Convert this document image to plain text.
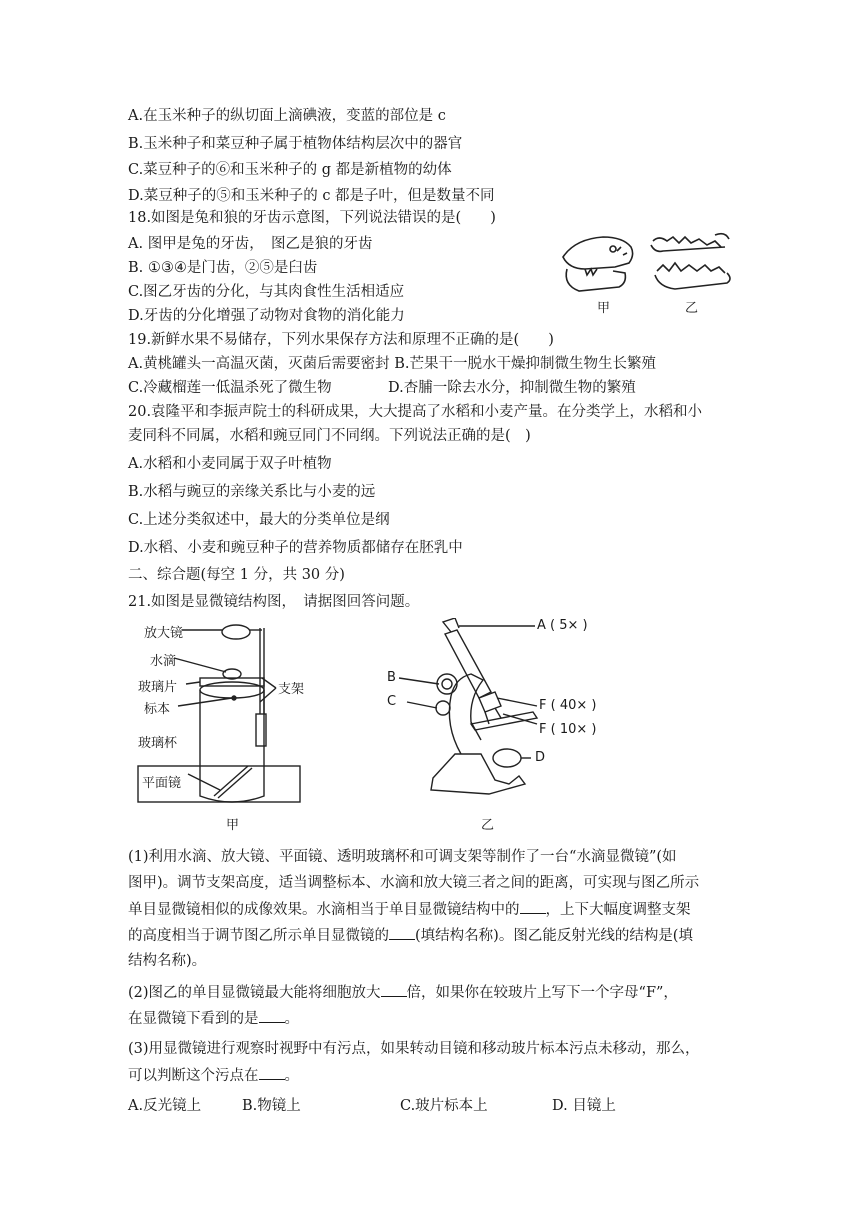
A.在玉米种子的纵切面上滴碘液，变蓝的部位是 c
B.玉米种子和菜豆种子属于植物体结构层次中的器官
C.菜豆种子的⑥和玉米种子的 g 都是新植物的幼体
D.菜豆种子的⑤和玉米种子的 c 都是子叶，但是数量不同
18.如图是兔和狼的牙齿示意图，下列说法错误的是(　　)
A. 图甲是兔的牙齿，　图乙是狼的牙齿
B. ①③④是门齿，②⑤是臼齿
C.图乙牙齿的分化，与其肉食性生活相适应
D.牙齿的分化增强了动物对食物的消化能力	甲	乙
19.新鲜水果不易储存，下列水果保存方法和原理不正确的是(　　)
A.黄桃罐头一高温灭菌，灭菌后需要密封 B.芒果干一脱水干燥抑制微生物生长繁殖
C.冷藏榴莲一低温杀死了微生物	D.杏脯一除去水分，抑制微生物的繁殖
20.袁隆平和李振声院士的科研成果，大大提高了水稻和小麦产量。在分类学上，水稻和小
麦同科不同属，水稻和豌豆同门不同纲。下列说法正确的是(　)
A.水稻和小麦同属于双子叶植物
B.水稻与豌豆的亲缘关系比与小麦的远
C.上述分类叙述中，最大的分类单位是纲
D.水稻、小麦和豌豆种子的营养物质都储存在胚乳中
二、综合题(每空 1 分，共 30 分)
21.如图是显微镜结构图，　请据图回答问题。
放大镜
水滴
玻璃片
标本
玻璃杯
平面镜
支架
甲
A ( 5× )
B
C	F ( 40× )
F ( 10× )
D
乙
(1)利用水滴、放大镜、平面镜、透明玻璃杯和可调支架等制作了一台“水滴显微镜”(如
图甲)。调节支架高度，适当调整标本、水滴和放大镜三者之间的距离，可实现与图乙所示
单目显微镜相似的成像效果。水滴相当于单目显微镜结构中的 ，上下大幅度调整支架
的高度相当于调节图乙所示单目显微镜的 (填结构名称)。图乙能反射光线的结构是(填
结构名称)。
(2)图乙的单目显微镜最大能将细胞放大 倍，如果你在较玻片上写下一个字母“F”，
在显微镜下看到的是 。
(3)用显微镜进行观察时视野中有污点，如果转动目镜和移动玻片标本污点未移动，那么，
可以判断这个污点在 。
A.反光镜上	B.物镜上	C.玻片标本上	D. 目镜上
